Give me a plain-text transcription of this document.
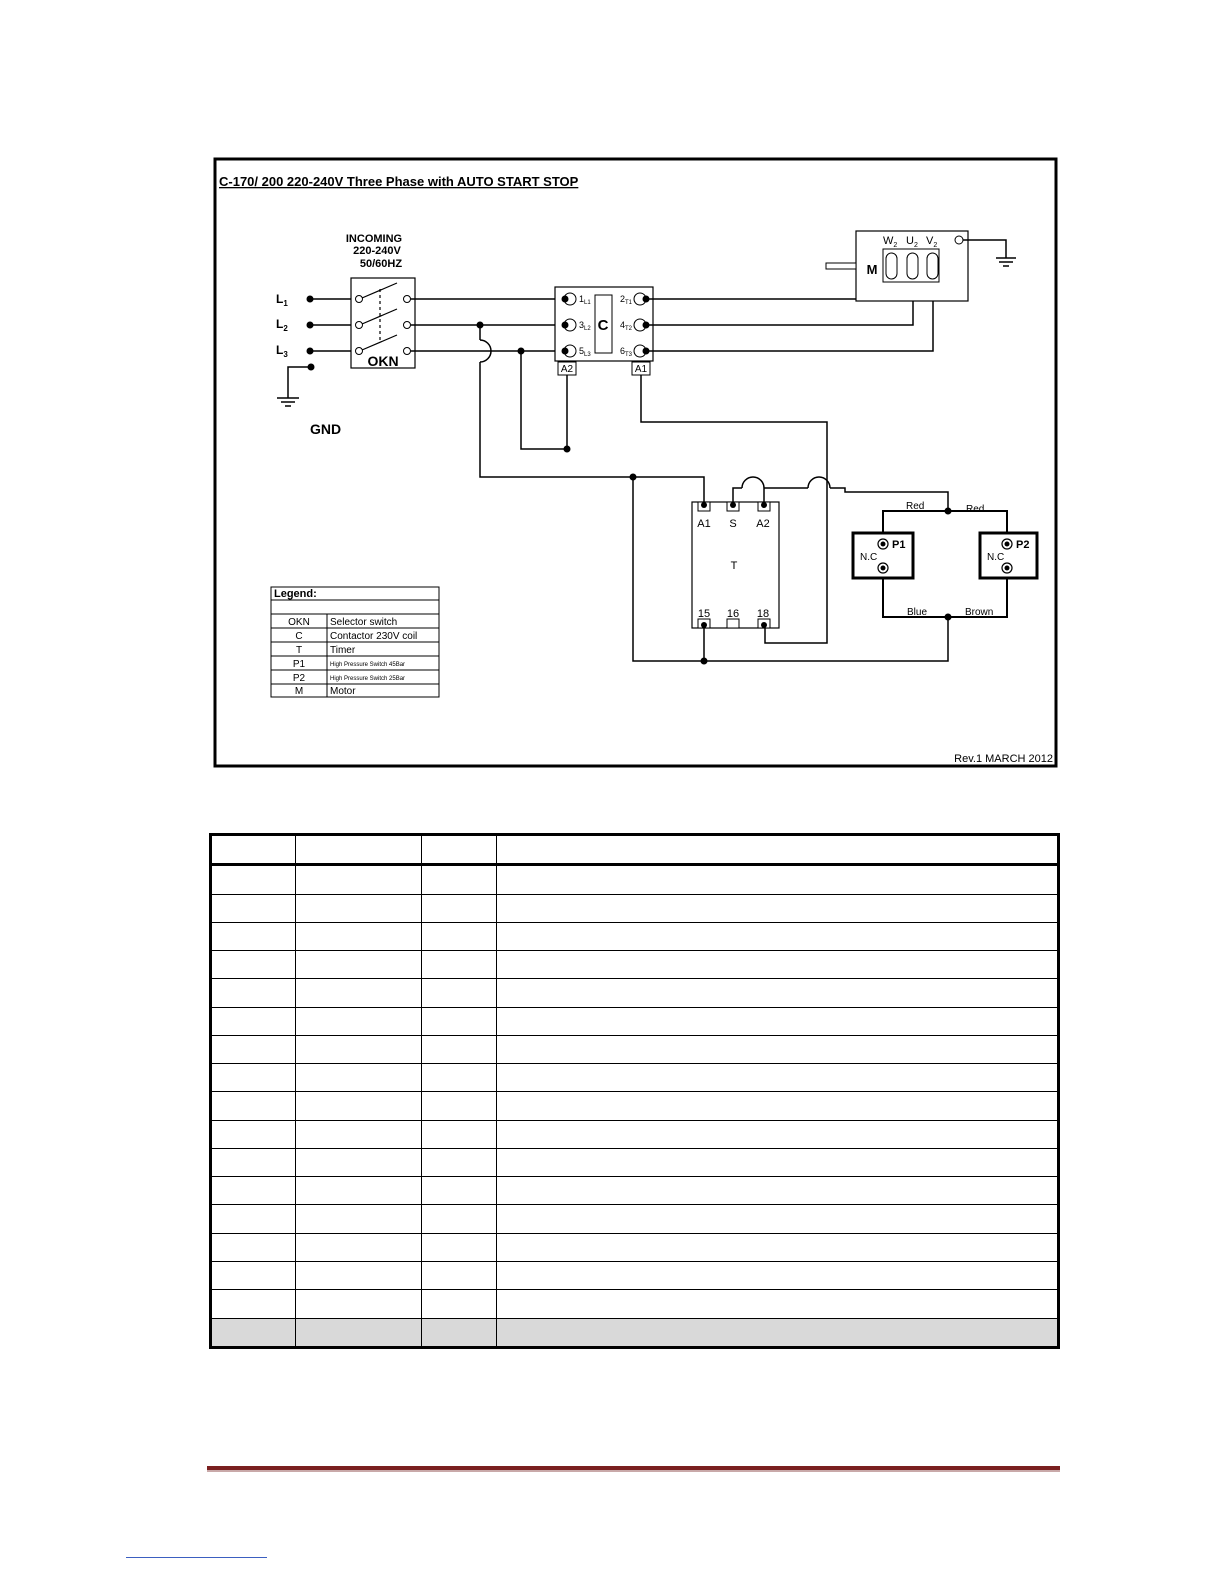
C-170/ 200 220-240V Three Phase with AUTO START STOP
INCOMING
220-240V
50/60HZ
$L_1$
$L_2$
$L_3$
GND
OKN
C
$1_{L1}$
$3_{L2}$
$5_{L3}$
$2_{T1}$
$4_{T2}$
$6_{T3}$
A2	A1
M
$W_2$ $U_2$ $V_2$
A1 S A2
T
15 16 18
Red	Red
Blue	Brown
P1
N.C
P2
N.C
Legend:
OKN Selector switch
C	Contactor 230V coil
T	Timer
P1	High Pressure Switch 45Bar
P2	High Pressure Switch 25Bar
M	Motor
Rev.1 MARCH 2012
